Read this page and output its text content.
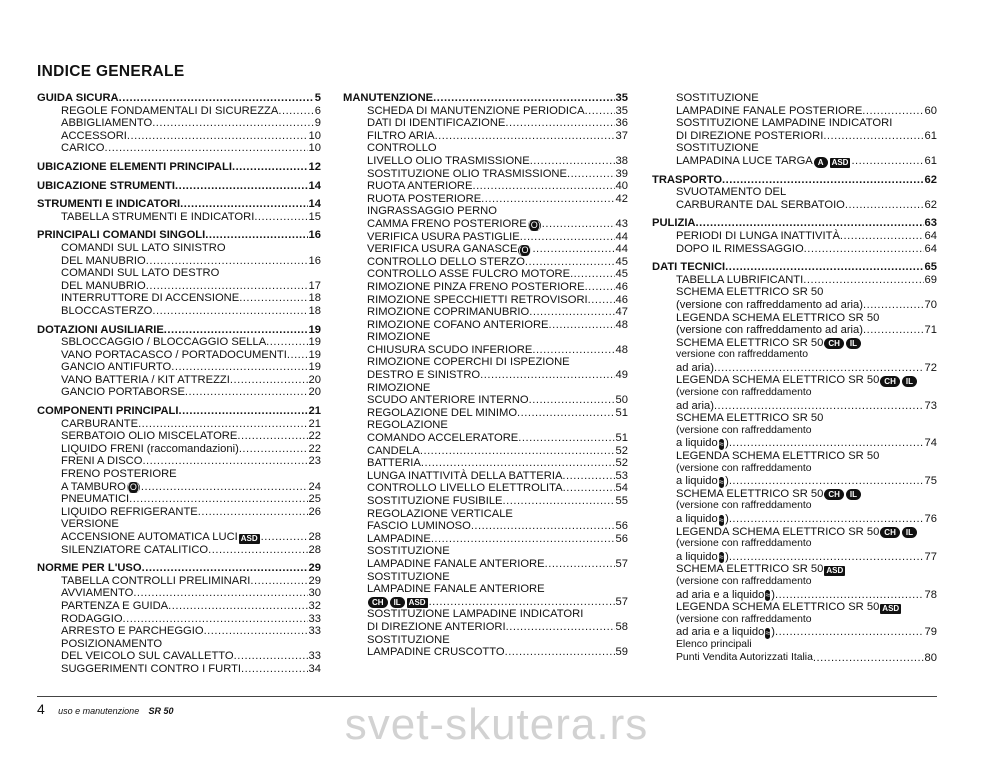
INDICE GENERALE
GUIDA SICURA .....	5
REGOLE FONDAMENTALI DI SICUREZZA .....	6
ABBIGLIAMENTO .....	9
ACCESSORI .....	10
CARICO .....	10
UBICAZIONE ELEMENTI PRINCIPALI .....	12
UBICAZIONE STRUMENTI .....	14
STRUMENTI E INDICATORI .....	14
TABELLA STRUMENTI E INDICATORI .....	15
PRINCIPALI COMANDI SINGOLI .....	16
COMANDI SUL LATO SINISTRO
DEL MANUBRIO .....	16
COMANDI SUL LATO DESTRO
DEL MANUBRIO .....	17
INTERRUTTORE DI ACCENSIONE .....	18
BLOCCASTERZO .....	18
DOTAZIONI AUSILIARIE .....	19
SBLOCCAGGIO / BLOCCAGGIO SELLA .....	19
VANO PORTACASCO / PORTADOCUMENTI ..... 19
GANCIO ANTIFURTO .....	19
VANO BATTERIA / KIT ATTREZZI .....	20
GANCIO PORTABORSE .....	20
COMPONENTI PRINCIPALI .....	21
CARBURANTE .....	21
SERBATOIO OLIO MISCELATORE .....	22
LIQUIDO FRENI (raccomandazioni) .....	22
FRENI A DISCO .....	23
FRENO POSTERIORE
A TAMBURO (O) .....	24
PNEUMATICI .....	25
LIQUIDO REFRIGERANTE .....	26
VERSIONE
ACCENSIONE AUTOMATICA LUCI ASD .....	28
SILENZIATORE CATALITICO .....	28
NORME PER L'USO .....	29
TABELLA CONTROLLI PRELIMINARI .....	29
AVVIAMENTO .....	30
PARTENZA E GUIDA .....	32
RODAGGIO .....	33
ARRESTO E PARCHEGGIO .....	33
POSIZIONAMENTO
DEL VEICOLO SUL CAVALLETTO .....	33
SUGGERIMENTI CONTRO I FURTI .....	34
MANUTENZIONE .....	35
SCHEDA DI MANUTENZIONE PERIODICA .....	35
DATI DI IDENTIFICAZIONE .....	36
FILTRO ARIA .....	37
CONTROLLO
LIVELLO OLIO TRASMISSIONE .....	38
SOSTITUZIONE OLIO TRASMISSIONE .....	39
RUOTA ANTERIORE .....	40
RUOTA POSTERIORE .....	42
INGRASSAGGIO PERNO
CAMMA FRENO POSTERIORE (O) .....	43
VERIFICA USURA PASTIGLIE .....	44
VERIFICA USURA GANASCE (O) .....	44
CONTROLLO DELLO STERZO .....	45
CONTROLLO ASSE FULCRO MOTORE .....	45
RIMOZIONE PINZA FRENO POSTERIORE .....	46
RIMOZIONE SPECCHIETTI RETROVISORI ..... 46
RIMOZIONE COPRIMANUBRIO .....	47
RIMOZIONE COFANO ANTERIORE .....	48
RIMOZIONE
CHIUSURA SCUDO INFERIORE .....	48
RIMOZIONE COPERCHI DI ISPEZIONE
DESTRO E SINISTRO .....	49
RIMOZIONE
SCUDO ANTERIORE INTERNO .....	50
REGOLAZIONE DEL MINIMO .....	51
REGOLAZIONE
COMANDO ACCELERATORE .....	51
CANDELA .....	52
BATTERIA .....	52
LUNGA INATTIVITÀ DELLA BATTERIA .....	53
CONTROLLO LIVELLO ELETTROLITA .....	54
SOSTITUZIONE FUSIBILE .....	55
REGOLAZIONE VERTICALE
FASCIO LUMINOSO .....	56
LAMPADINE .....	56
SOSTITUZIONE
LAMPADINE FANALE ANTERIORE .....	57
SOSTITUZIONE
LAMPADINE FANALE ANTERIORE
CH	IL	ASD .....	57
SOSTITUZIONE LAMPADINE INDICATORI
DI DIREZIONE ANTERIORI .....	58
SOSTITUZIONE
LAMPADINE CRUSCOTTO .....	59
SOSTITUZIONE
LAMPADINE FANALE POSTERIORE .....	60
SOSTITUZIONE LAMPADINE INDICATORI
DI DIREZIONE POSTERIORI .....	61
SOSTITUZIONE
LAMPADINA LUCE TARGA A	ASD .....	61
TRASPORTO .....	62
SVUOTAMENTO DEL
CARBURANTE DAL SERBATOIO .....	62
PULIZIA .....	63
PERIODI DI LUNGA INATTIVITÀ .....	64
DOPO IL RIMESSAGGIO .....	64
DATI TECNICI .....	65
TABELLA LUBRIFICANTI .....	69
SCHEMA ELETTRICO SR 50
(versione con raffreddamento ad aria) .....	70
LEGENDA SCHEMA ELETTRICO SR 50
(versione con raffreddamento ad aria) .....	71
SCHEMA ELETTRICO SR 50 CH	IL
versione con raffreddamento
ad aria) .....	72
LEGENDA SCHEMA ELETTRICO SR 50 CH	IL
(versione con raffreddamento
ad aria) .....	73
SCHEMA ELETTRICO SR 50
(versione con raffreddamento
a liquido ≈ ) .....	74
LEGENDA SCHEMA ELETTRICO SR 50
(versione con raffreddamento
a liquido ≈ ) .....	75
SCHEMA ELETTRICO SR 50 CH	IL
(versione con raffreddamento
a liquido ≈ ) .....	76
LEGENDA SCHEMA ELETTRICO SR 50 CH	IL
(versione con raffreddamento
a liquido ≈ ) .....	77
SCHEMA ELETTRICO SR 50 ASD
(versione con raffreddamento
ad aria e a liquido ≈ ) .....	78
LEGENDA SCHEMA ELETTRICO SR 50 ASD
(versione con raffreddamento
ad aria e a liquido ≈ ) .....	79
Elenco principali
Punti Vendita Autorizzati Italia .....	80
4 uso e manutenzione SR 50	svet-skutera.rs
